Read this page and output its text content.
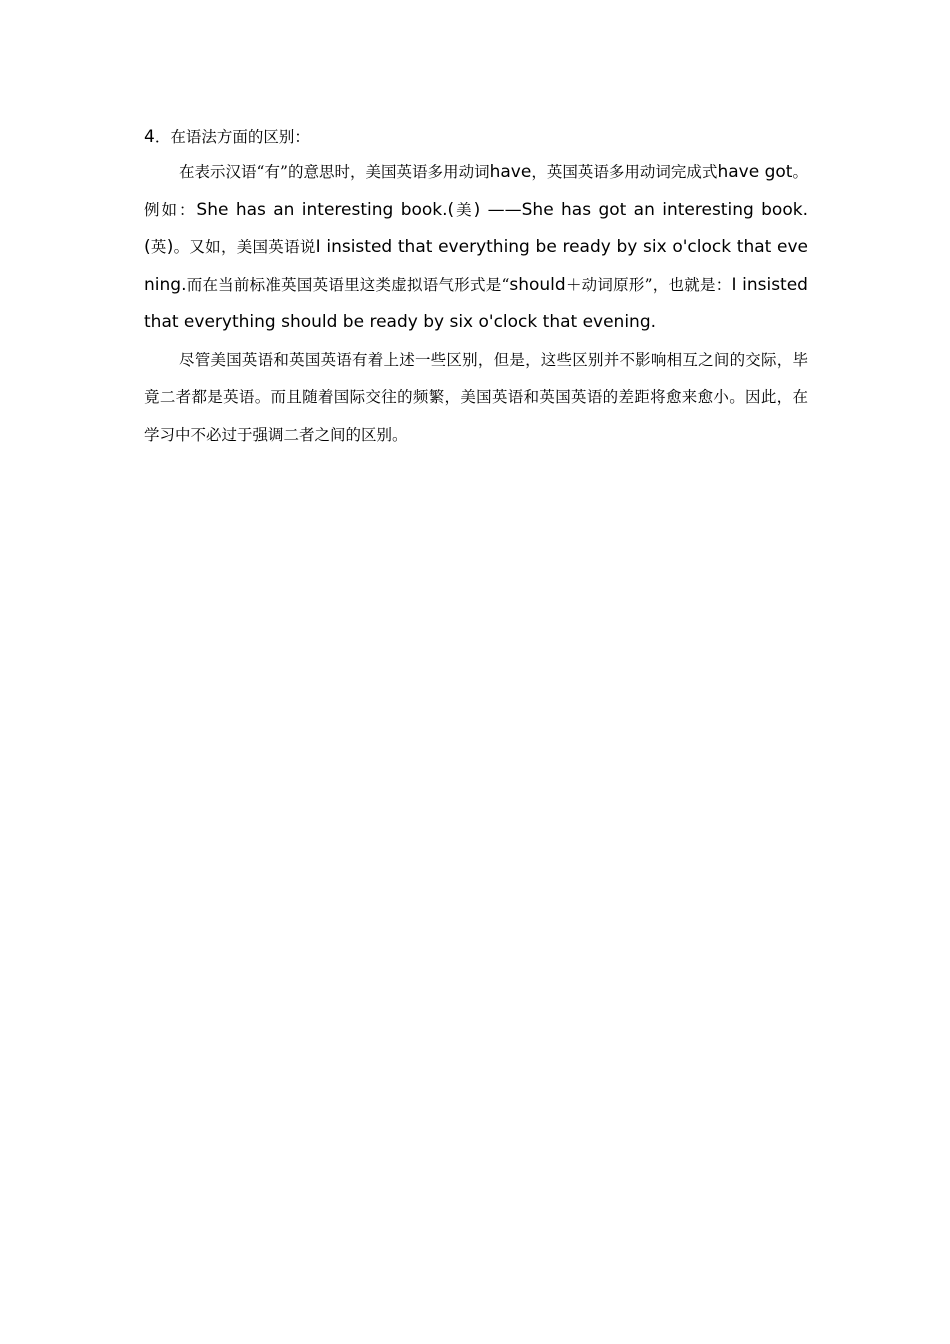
4．在语法方面的区别：

在表示汉语“有”的意思时，美国英语多用动词have，英国英语多用动词完成式have got。例如：She has an interesting book.(美) ——She has got an interesting book.(英)。又如，美国英语说I insisted that everything be ready by six o'clock that evening.而在当前标准英国英语里这类虚拟语气形式是“should＋动词原形”，也就是：I insisted that everything should be ready by six o'clock that evening.

尽管美国英语和英国英语有着上述一些区别，但是，这些区别并不影响相互之间的交际，毕竟二者都是英语。而且随着国际交往的频繁，美国英语和英国英语的差距将愈来愈小。因此，在学习中不必过于强调二者之间的区别。
